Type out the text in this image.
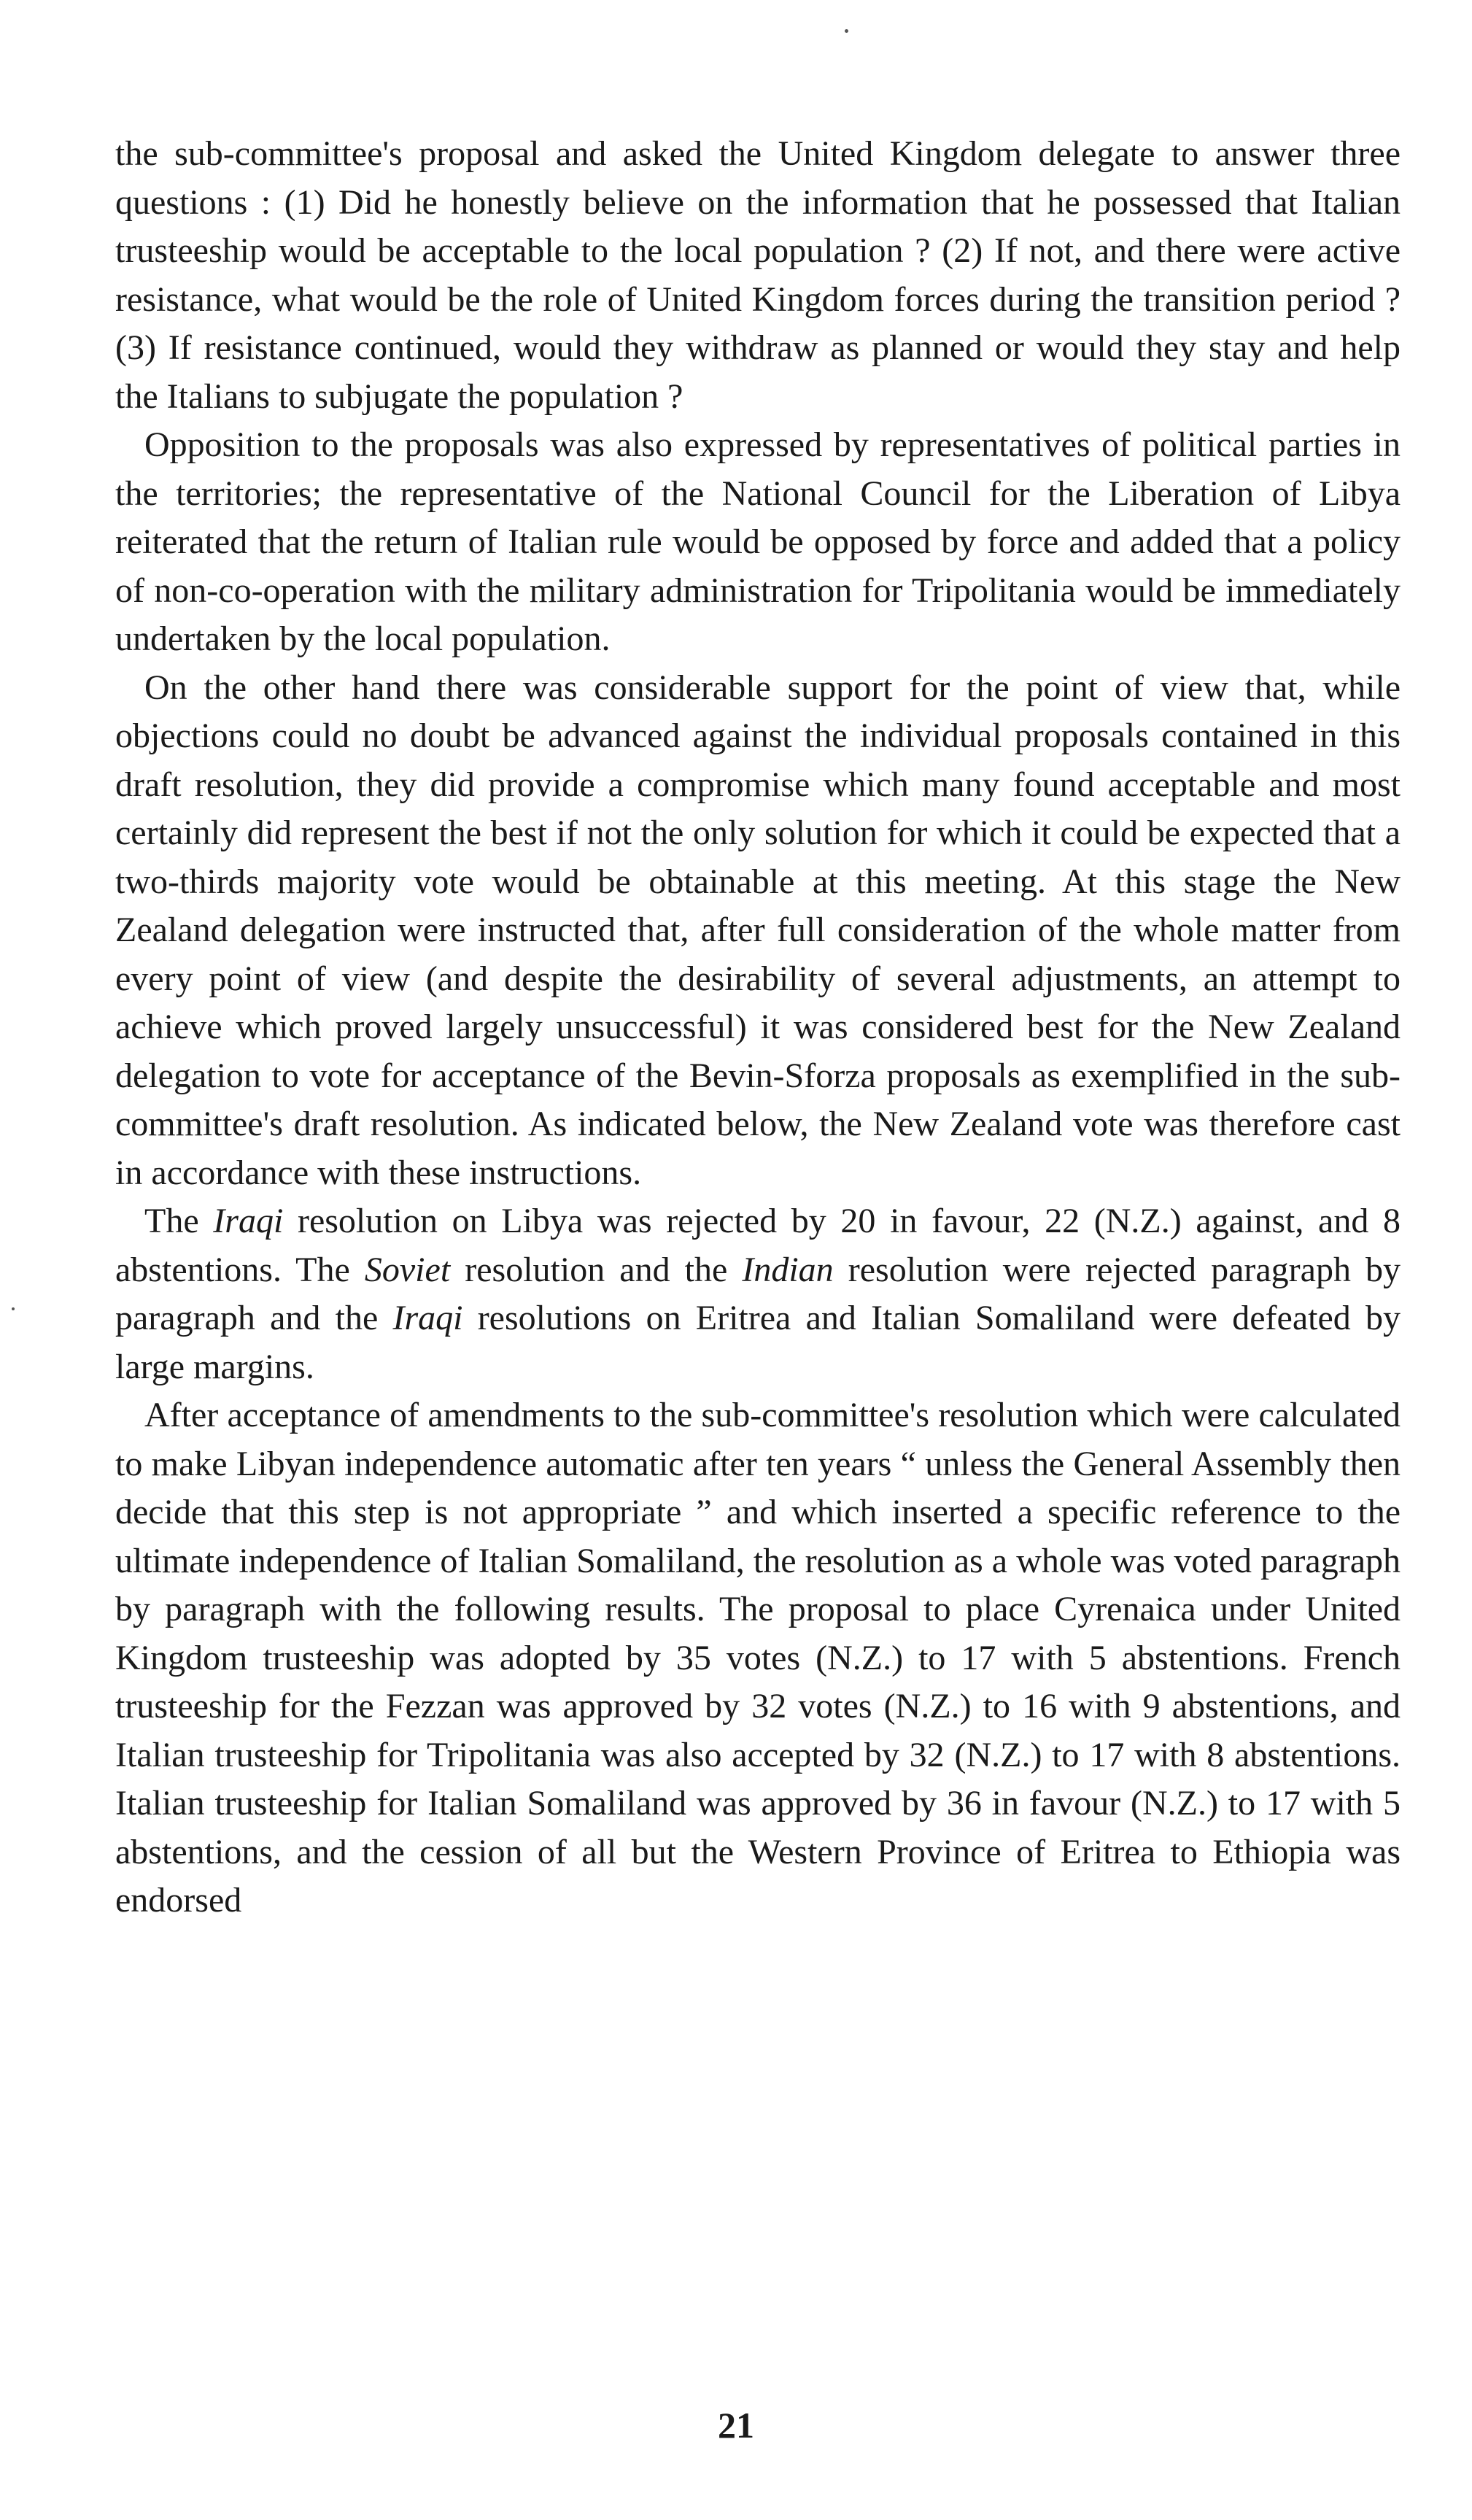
the sub-committee's proposal and asked the United Kingdom delegate to answer three questions : (1) Did he honestly believe on the information that he possessed that Italian trusteeship would be acceptable to the local population ? (2) If not, and there were active resistance, what would be the role of United Kingdom forces during the transition period ? (3) If resistance continued, would they withdraw as planned or would they stay and help the Italians to subjugate the population ?

Opposition to the proposals was also expressed by representatives of political parties in the territories; the representative of the National Council for the Liberation of Libya reiterated that the return of Italian rule would be opposed by force and added that a policy of non-co-operation with the military administration for Tripolitania would be immediately undertaken by the local population.

On the other hand there was considerable support for the point of view that, while objections could no doubt be advanced against the individual proposals contained in this draft resolution, they did provide a compromise which many found acceptable and most certainly did represent the best if not the only solution for which it could be expected that a two-thirds majority vote would be obtainable at this meeting. At this stage the New Zealand delegation were instructed that, after full consideration of the whole matter from every point of view (and despite the desirability of several adjustments, an attempt to achieve which proved largely unsuccessful) it was considered best for the New Zealand delegation to vote for acceptance of the Bevin-Sforza proposals as exemplified in the sub-committee's draft resolution. As indicated below, the New Zealand vote was therefore cast in accordance with these instructions.

The Iraqi resolution on Libya was rejected by 20 in favour, 22 (N.Z.) against, and 8 abstentions. The Soviet resolution and the Indian resolution were rejected paragraph by paragraph and the Iraqi resolutions on Eritrea and Italian Somaliland were defeated by large margins.

After acceptance of amendments to the sub-committee's resolution which were calculated to make Libyan independence automatic after ten years “ unless the General Assembly then decide that this step is not appropriate ” and which inserted a specific reference to the ultimate independence of Italian Somaliland, the resolution as a whole was voted paragraph by paragraph with the following results. The proposal to place Cyrenaica under United Kingdom trusteeship was adopted by 35 votes (N.Z.) to 17 with 5 abstentions. French trusteeship for the Fezzan was approved by 32 votes (N.Z.) to 16 with 9 abstentions, and Italian trusteeship for Tripolitania was also accepted by 32 (N.Z.) to 17 with 8 abstentions. Italian trusteeship for Italian Somaliland was approved by 36 in favour (N.Z.) to 17 with 5 abstentions, and the cession of all but the Western Province of Eritrea to Ethiopia was endorsed

21
